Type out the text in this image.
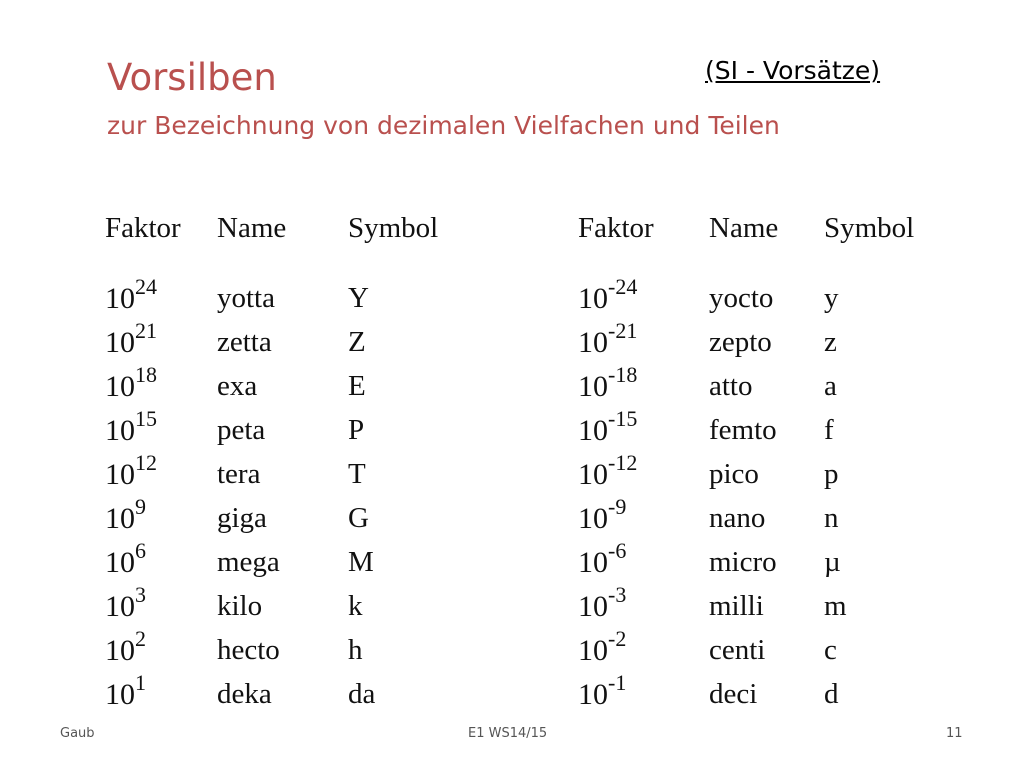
Vorsilben
zur Bezeichnung von dezimalen Vielfachen und Teilen
(SI - Vorsätze)
Faktor Name Symbol
$10^{24}$ yotta	Y
$10^{21}$ zetta	Z
$10^{18}$ exa	E
$10^{15}$ peta	P
$10^{12}$ tera	T
$10^9$ giga	G
$10^6$ mega M
$10^3$ kilo	k
$10^2$ hecto h
$10^1$ deka	da
Faktor Name Symbol
$10^{-24}$ yocto y
$10^{-21}$ zepto z
$10^{-18}$ atto a
$10^{-15}$ femto f
$10^{-12}$ pico p
$10^{-9}$	nano n
$10^{-6}$	micro µ
$10^{-3}$	milli m
$10^{-2}$	centi c
$10^{-1}$	deci d
Gaub	E1 WS14/15	11
